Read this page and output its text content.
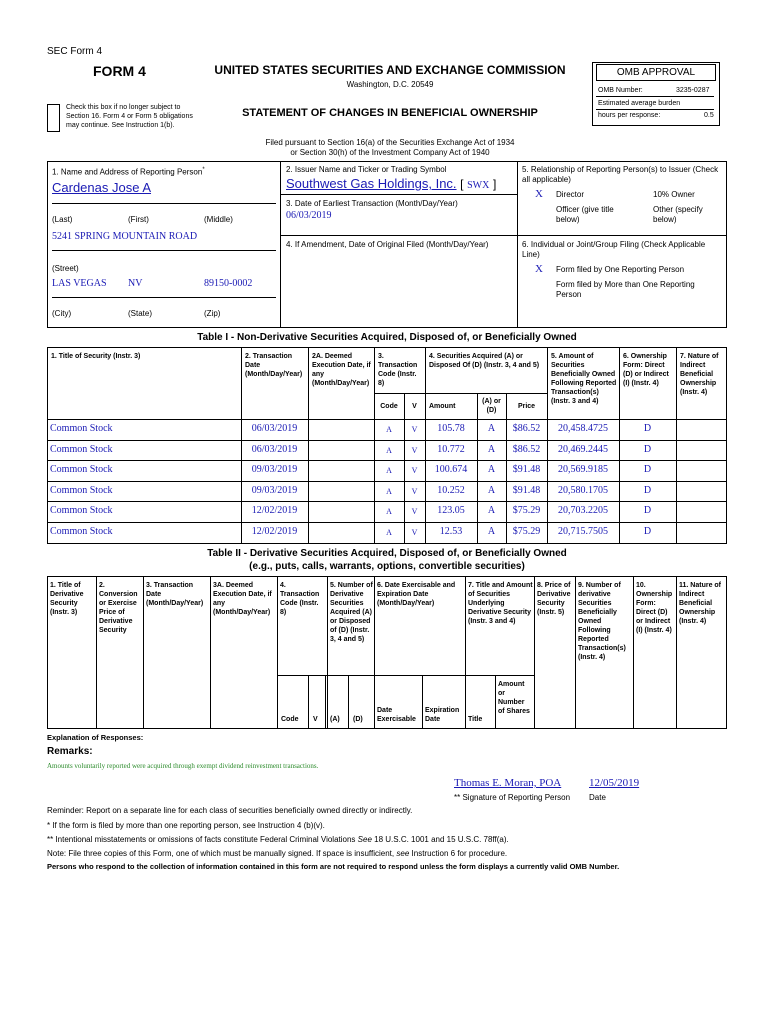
SEC Form 4
FORM 4	UNITED STATES SECURITIES AND EXCHANGE COMMISSION
Washington, D.C. 20549
Check this box if no longer subject to Section 16. Form 4 or Form 5 obligations may continue. See Instruction 1(b).
STATEMENT OF CHANGES IN BENEFICIAL OWNERSHIP
Filed pursuant to Section 16(a) of the Securities Exchange Act of 1934
or Section 30(h) of the Investment Company Act of 1940
OMB APPROVAL
OMB Number:	3235-0287
Estimated average burden
hours per response:	0.5
1. Name and Address of Reporting Person*
Cardenas Jose A
(Last)	(First)	(Middle)
5241 SPRING MOUNTAIN ROAD
(Street)
LAS VEGAS NV	89150-0002
(City)	(State)	(Zip)
2. Issuer Name and Ticker or Trading Symbol
Southwest Gas Holdings, Inc. [ SWX ]
3. Date of Earliest Transaction (Month/Day/Year)
06/03/2019
4. If Amendment, Date of Original Filed (Month/Day/Year)
5. Relationship of Reporting Person(s) to Issuer (Check all applicable)
X Director	10% Owner
Officer (give title below)
Other (specify below)
6. Individual or Joint/Group Filing (Check Applicable Line)
X Form filed by One Reporting Person
Form filed by More than One Reporting Person
Table I - Non-Derivative Securities Acquired, Disposed of, or Beneficially Owned
1. Title of Security (Instr. 3)	2. Transaction Date (Month/Day/Year)
2A. Deemed Execution Date, if any (Month/Day/Year)
3. Transaction Code (Instr. 8)
4. Securities Acquired (A) or Disposed Of (D) (Instr. 3, 4 and 5)
5. Amount of Securities Beneficially Owned Following Reported Transaction(s) (Instr. 3 and 4)
6. Ownership Form: Direct (D) or Indirect (I) (Instr. 4)
7. Nature of Indirect Beneficial Ownership (Instr. 4)
Code	V	Amount
(A) or (D)
Price
Common Stock	06/03/2019	A	V	105.78	A	$86.52	20,458.4725	D
Common Stock	06/03/2019	A	V	10.772	A	$86.52	20,469.2445	D
Common Stock	09/03/2019	A	V	100.674	A	$91.48	20,569.9185	D
Common Stock	09/03/2019	A	V	10.252	A	$91.48	20,580.1705	D
Common Stock	12/02/2019	A	V	123.05	A	$75.29	20,703.2205	D
Common Stock	12/02/2019	A	V	12.53	A	$75.29	20,715.7505	D
Table II - Derivative Securities Acquired, Disposed of, or Beneficially Owned
(e.g., puts, calls, warrants, options, convertible securities)
1. Title of Derivative Security (Instr. 3)
2. Conversion or Exercise Price of Derivative Security
3. Transaction Date (Month/Day/Year)
3A. Deemed Execution Date, if any (Month/Day/Year)
4. Transaction Code (Instr. 8)
5. Number of Derivative Securities Acquired (A) or Disposed of (D) (Instr. 3, 4 and 5)
6. Date Exercisable and Expiration Date (Month/Day/Year)
7. Title and Amount of Securities Underlying Derivative Security (Instr. 3 and 4)
8. Price of Derivative Security (Instr. 5)
9. Number of derivative Securities Beneficially Owned Following Reported Transaction(s) (Instr. 4)
10. Ownership Form: Direct (D) or Indirect (I) (Instr. 4)
11. Nature of Indirect Beneficial Ownership (Instr. 4)
Code V (A) (D)
Date Exercisable
Expiration Date	Title
Amount or Number of Shares
Explanation of Responses:
Remarks:
Amounts voluntarily reported were acquired through exempt dividend reinvestment transactions.
Thomas E. Moran, POA	12/05/2019
** Signature of Reporting Person Date
Reminder: Report on a separate line for each class of securities beneficially owned directly or indirectly.
* If the form is filed by more than one reporting person, see Instruction 4 (b)(v).
** Intentional misstatements or omissions of facts constitute Federal Criminal Violations See 18 U.S.C. 1001 and 15 U.S.C. 78ff(a).
Note: File three copies of this Form, one of which must be manually signed. If space is insufficient, see Instruction 6 for procedure.
Persons who respond to the collection of information contained in this form are not required to respond unless the form displays a currently valid OMB Number.
